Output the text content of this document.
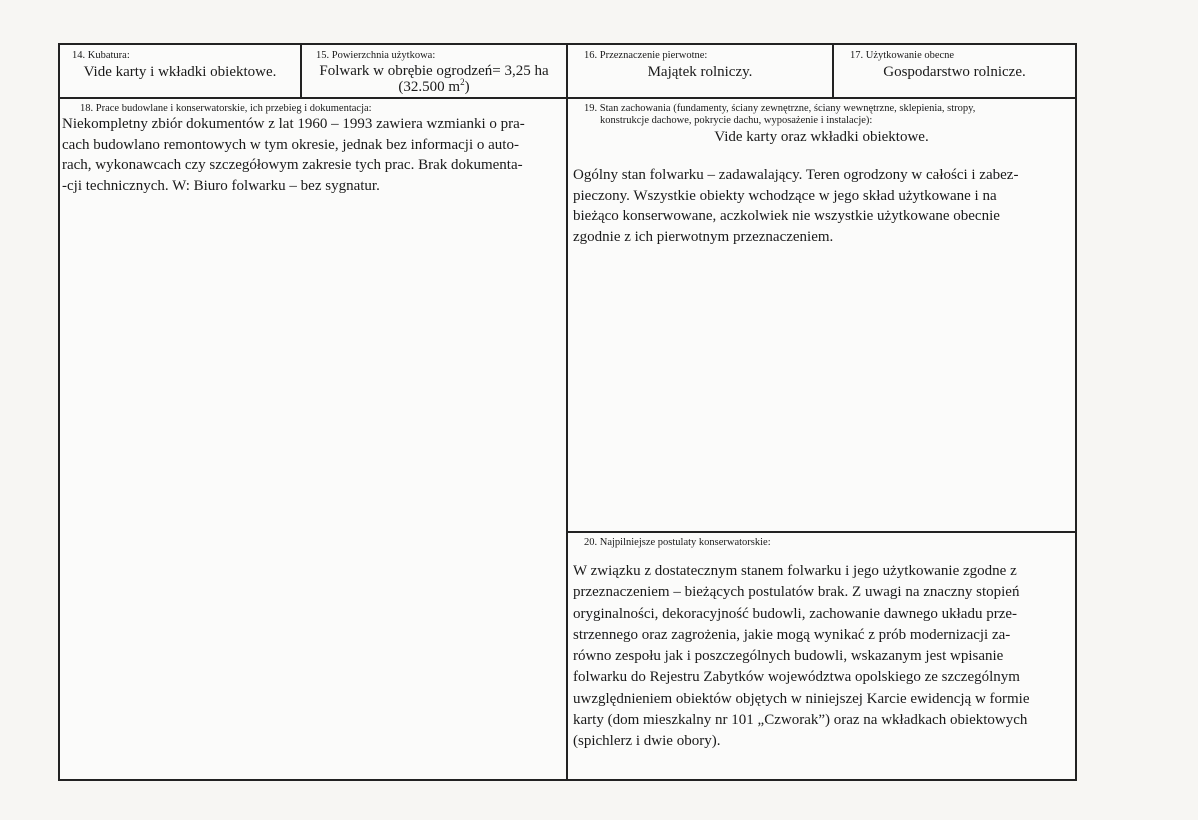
14. Kubatura:
Vide karty i wkładki obiektowe.
15. Powierzchnia użytkowa:
Folwark w obrębie ogrodzeń= 3,25 ha
(32.500 $m^2$)
16. Przeznaczenie pierwotne:
Majątek rolniczy.
17. Użytkowanie obecne
Gospodarstwo rolnicze.
18. Prace budowlane i konserwatorskie, ich przebieg i dokumentacja:
Niekompletny zbiór dokumentów z lat 1960 – 1993 zawiera wzmianki o pra-
cach budowlano remontowych w tym okresie, jednak bez informacji o auto-
rach, wykonawcach czy szczegółowym zakresie tych prac. Brak dokumenta-
-cji technicznych. W: Biuro folwarku – bez sygnatur.
19. Stan zachowania (fundamenty, ściany zewnętrzne, ściany wewnętrzne, sklepienia, stropy,
konstrukcje dachowe, pokrycie dachu, wyposażenie i instalacje):
Vide karty oraz wkładki obiektowe.
Ogólny stan folwarku – zadawalający. Teren ogrodzony w całości i zabez-
pieczony. Wszystkie obiekty wchodzące w jego skład użytkowane i na
bieżąco konserwowane, aczkolwiek nie wszystkie użytkowane obecnie
zgodnie z ich pierwotnym przeznaczeniem.
20. Najpilniejsze postulaty konserwatorskie:
W związku z dostatecznym stanem folwarku i jego użytkowanie zgodne z
przeznaczeniem – bieżących postulatów brak. Z uwagi na znaczny stopień
oryginalności, dekoracyjność budowli, zachowanie dawnego układu prze-
strzennego oraz zagrożenia, jakie mogą wynikać z prób modernizacji za-
równo zespołu jak i poszczególnych budowli, wskazanym jest wpisanie
folwarku do Rejestru Zabytków województwa opolskiego ze szczególnym
uwzględnieniem obiektów objętych w niniejszej Karcie ewidencją w formie
karty (dom mieszkalny nr 101 „Czworak”) oraz na wkładkach obiektowych
(spichlerz i dwie obory).
